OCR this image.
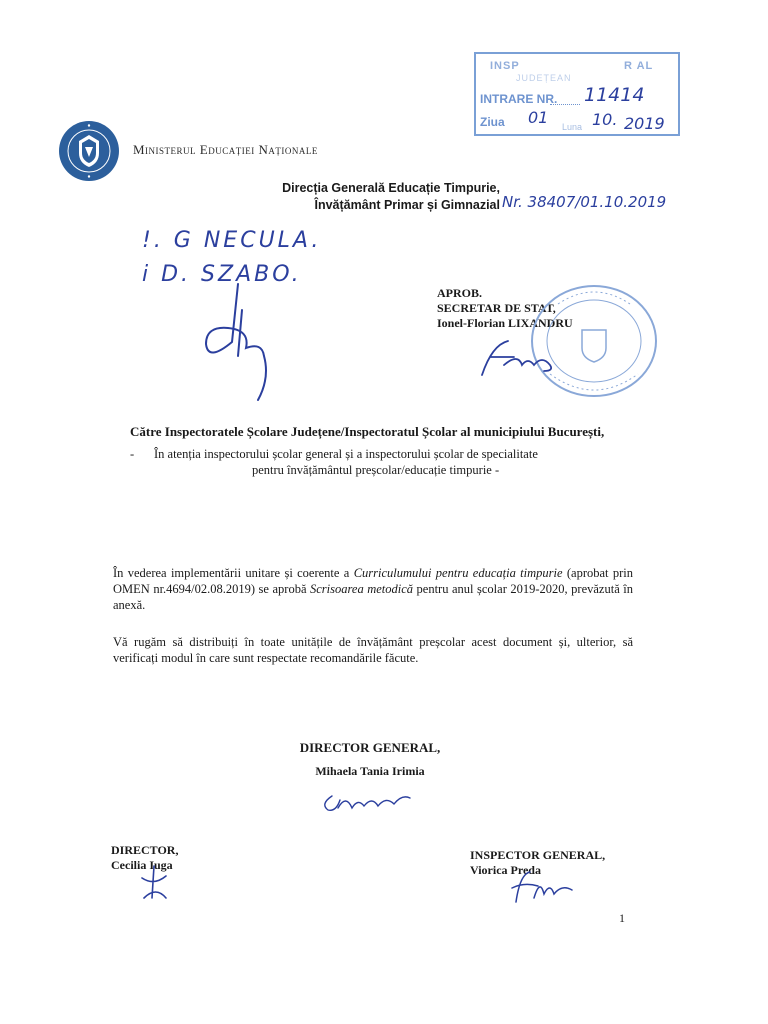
INSP	R AL
JUDEȚEAN
INTRARE NR. 11414
Ziua 01 Luna 10. 2019
Ministerul Educației Naționale
Direcția Generală Educație Timpurie,
Învățământ Primar și Gimnazial Nr. 38407/01.10.2019
!. G NECULA.
i D. SZABO.
APROB.
SECRETAR DE STAT,
Ionel-Florian LIXANDRU
Către Inspectoratele Școlare Județene/Inspectoratul Școlar al municipiului București,
- În atenția inspectorului școlar general și a inspectorului școlar de specialitate
pentru învățământul preșcolar/educație timpurie -
În vederea implementării unitare și coerente a Curriculumului pentru educația timpurie (aprobat prin OMEN nr.4694/02.08.2019) se aprobă Scrisoarea metodică pentru anul școlar 2019-2020, prevăzută în anexă.
Vă rugăm să distribuiți în toate unitățile de învățământ preșcolar acest document și, ulterior, să verificați modul în care sunt respectate recomandările făcute.
DIRECTOR GENERAL,
Mihaela Tania Irimia
DIRECTOR,
Cecilia Iuga
INSPECTOR GENERAL,
Viorica Preda
1
